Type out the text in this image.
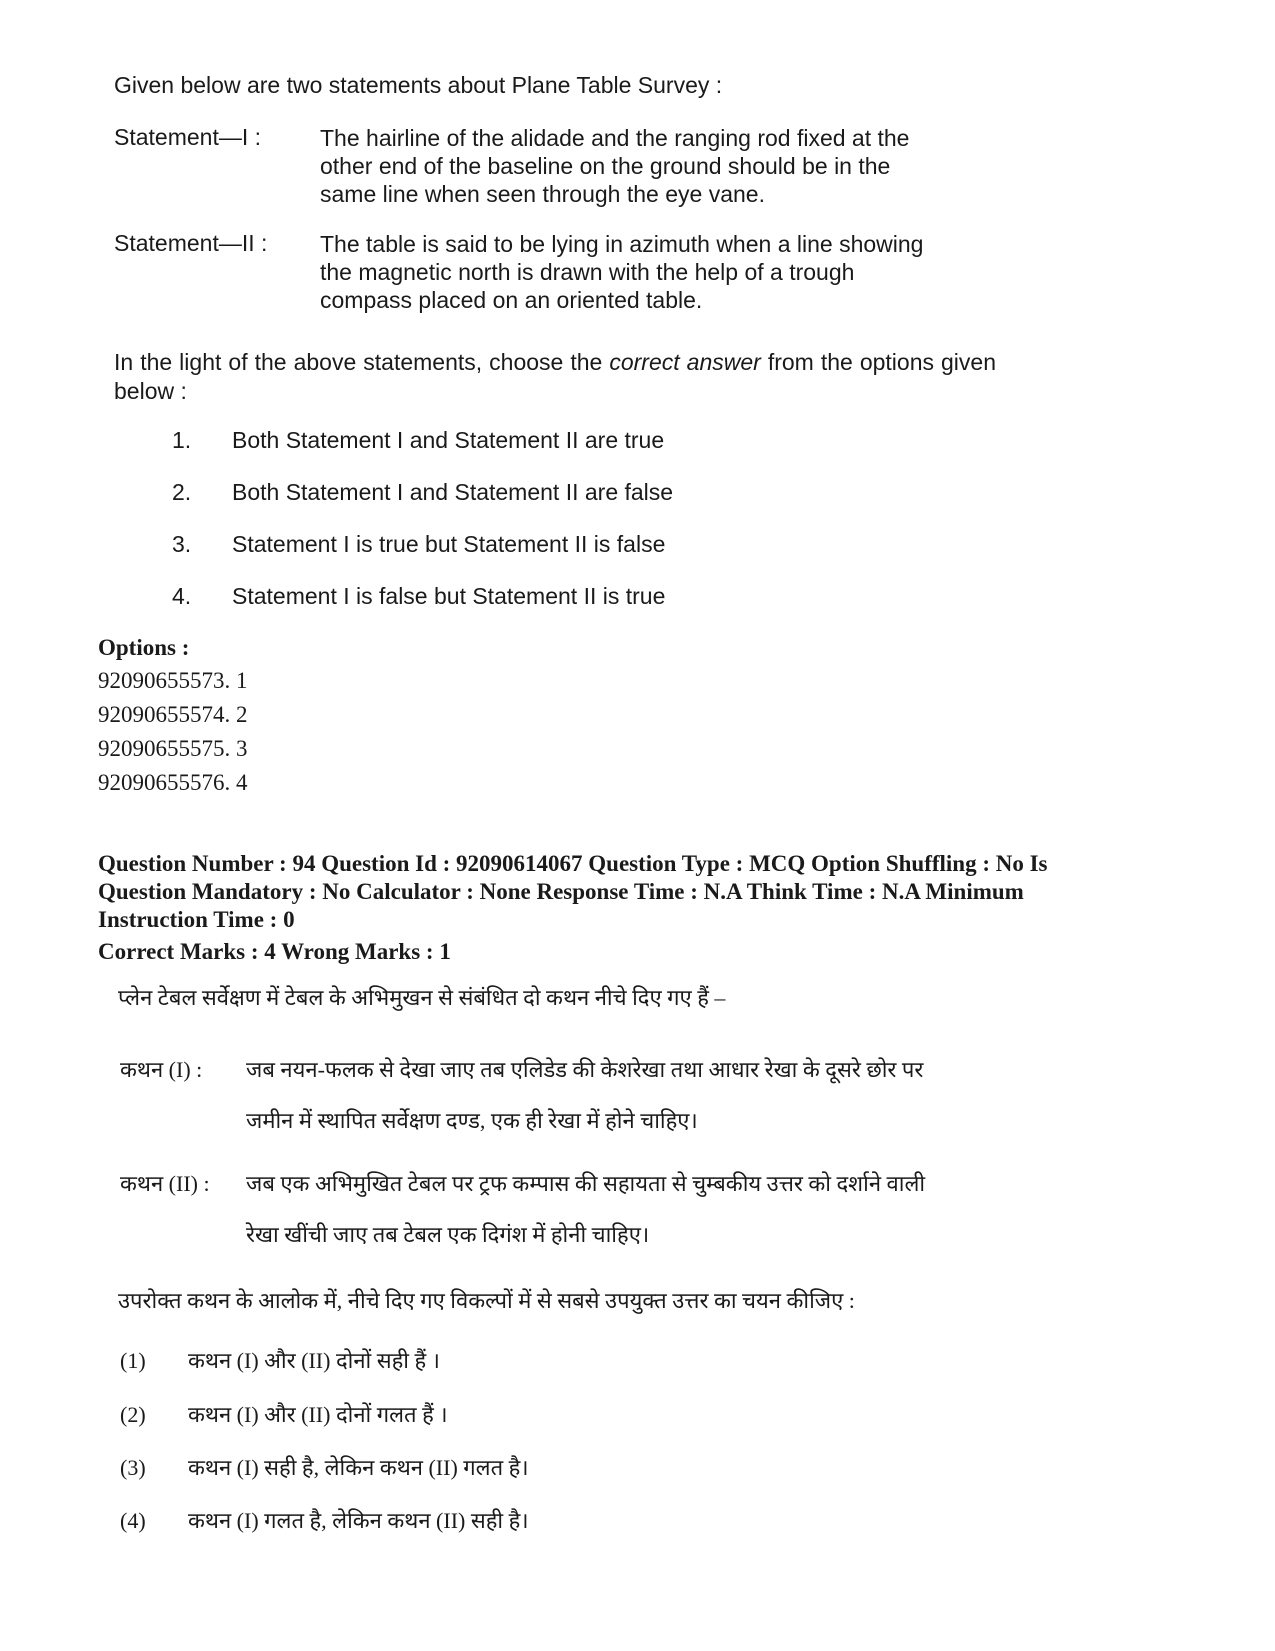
Given below are two statements about Plane Table Survey :
Statement—I :	The hairline of the alidade and the ranging rod fixed at the
other end of the baseline on the ground should be in the
same line when seen through the eye vane.
Statement—II : The table is said to be lying in azimuth when a line showing
the magnetic north is drawn with the help of a trough
compass placed on an oriented table.
In the light of the above statements, choose the correct answer from the options given below :
1. Both Statement I and Statement II are true
2. Both Statement I and Statement II are false
3. Statement I is true but Statement II is false
4. Statement I is false but Statement II is true
Options :
92090655573. 1
92090655574. 2
92090655575. 3
92090655576. 4
Question Number : 94 Question Id : 92090614067 Question Type : MCQ Option Shuffling : No Is
Question Mandatory : No Calculator : None Response Time : N.A Think Time : N.A Minimum
Instruction Time : 0
Correct Marks : 4 Wrong Marks : 1
प्लेन टेबल सर्वेक्षण में टेबल के अभिमुखन से संबंधित दो कथन नीचे दिए गए हैं –
कथन (I) : जब नयन-फलक से देखा जाए तब एलिडेड की केशरेखा तथा आधार रेखा के दूसरे छोर पर
जमीन में स्थापित सर्वेक्षण दण्ड, एक ही रेखा में होने चाहिए।
कथन (II) : जब एक अभिमुखित टेबल पर ट्रफ कम्पास की सहायता से चुम्बकीय उत्तर को दर्शाने वाली
रेखा खींची जाए तब टेबल एक दिगंश में होनी चाहिए।
उपरोक्त कथन के आलोक में, नीचे दिए गए विकल्पों में से सबसे उपयुक्त उत्तर का चयन कीजिए :
(1) कथन (I) और (II) दोनों सही हैं ।
(2) कथन (I) और (II) दोनों गलत हैं ।
(3) कथन (I) सही है, लेकिन कथन (II) गलत है।
(4) कथन (I) गलत है, लेकिन कथन (II) सही है।
